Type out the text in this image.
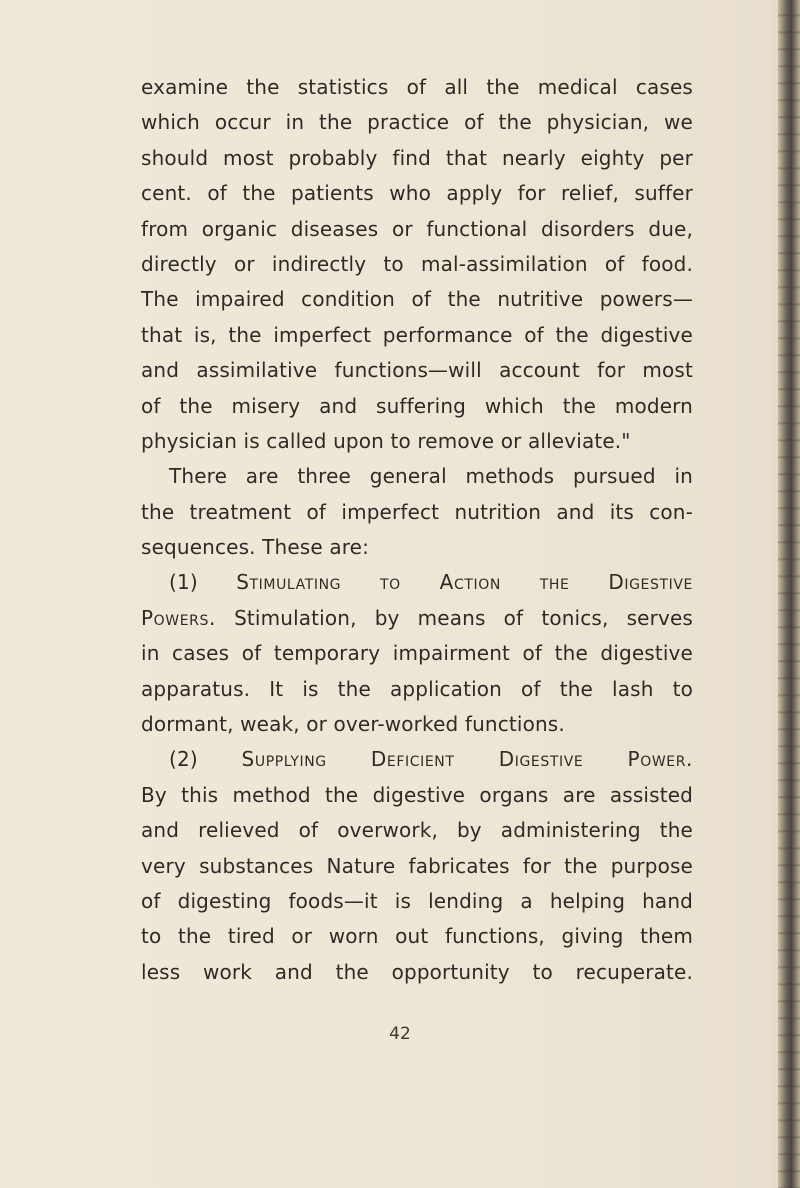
examine the statistics of all the medical cases
which occur in the practice of the physician, we
should most probably find that nearly eighty per
cent. of the patients who apply for relief, suffer
from organic diseases or functional disorders due,
directly or indirectly to mal-assimilation of food.
The impaired condition of the nutritive powers—
that is, the imperfect performance of the digestive
and assimilative functions—will account for most
of the misery and suffering which the modern
physician is called upon to remove or alleviate."
There are three general methods pursued in
the treatment of imperfect nutrition and its con-
sequences. These are:
(1) Stimulating to Action the Digestive
Powers. Stimulation, by means of tonics, serves
in cases of temporary impairment of the digestive
apparatus. It is the application of the lash to
dormant, weak, or over-worked functions.
(2) Supplying Deficient Digestive Power.
By this method the digestive organs are assisted
and relieved of overwork, by administering the
very substances Nature fabricates for the purpose
of digesting foods—it is lending a helping hand
to the tired or worn out functions, giving them
less work and the opportunity to recuperate.
42
